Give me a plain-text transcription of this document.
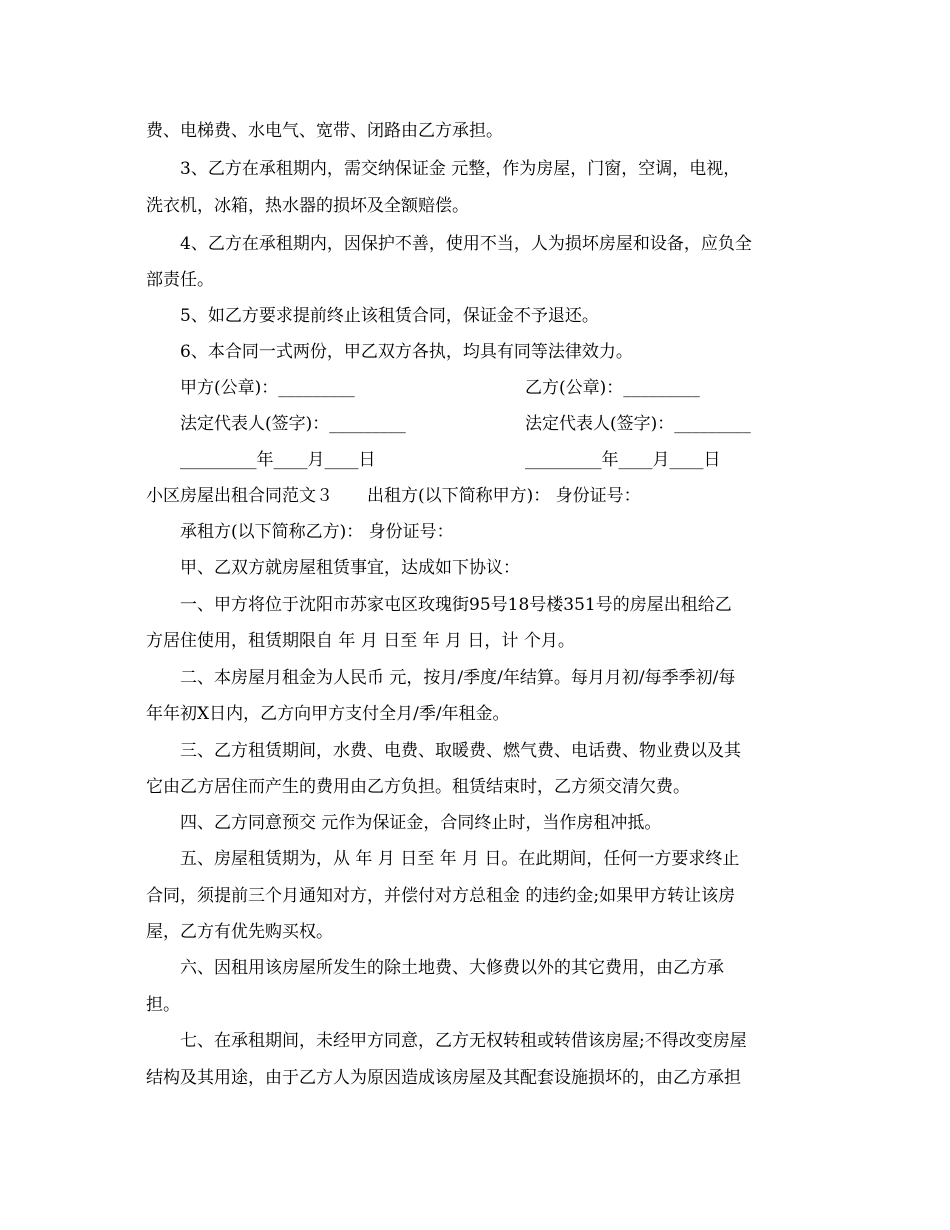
费、电梯费、水电气、宽带、闭路由乙方承担。
3、乙方在承租期内，需交纳保证金 元整，作为房屋，门窗，空调，电视，
洗衣机，冰箱，热水器的损坏及全额赔偿。
4、乙方在承租期内，因保护不善，使用不当，人为损坏房屋和设备，应负全
部责任。
5、如乙方要求提前终止该租赁合同，保证金不予退还。
6、本合同一式两份，甲乙双方各执，均具有同等法律效力。
甲方(公章)：_________	乙方(公章)：_________
法定代表人(签字)：_________	法定代表人(签字)：_________
_________年____月____日	_________年____月____日
小区房屋出租合同范文３　　出租方(以下简称甲方)： 身份证号：
承租方(以下简称乙方)： 身份证号：
甲、乙双方就房屋租赁事宜，达成如下协议：
一、甲方将位于沈阳市苏家屯区玫瑰街95号18号楼351号的房屋出租给乙
方居住使用，租赁期限自 年 月 日至 年 月 日，计 个月。
二、本房屋月租金为人民币 元，按月/季度/年结算。每月月初/每季季初/每
年年初X日内，乙方向甲方支付全月/季/年租金。
三、乙方租赁期间，水费、电费、取暖费、燃气费、电话费、物业费以及其
它由乙方居住而产生的费用由乙方负担。租赁结束时，乙方须交清欠费。
四、乙方同意预交 元作为保证金，合同终止时，当作房租冲抵。
五、房屋租赁期为，从 年 月 日至 年 月 日。在此期间，任何一方要求终止
合同，须提前三个月通知对方，并偿付对方总租金 的违约金;如果甲方转让该房
屋，乙方有优先购买权。
六、因租用该房屋所发生的除土地费、大修费以外的其它费用，由乙方承
担。
七、在承租期间，未经甲方同意，乙方无权转租或转借该房屋;不得改变房屋
结构及其用途，由于乙方人为原因造成该房屋及其配套设施损坏的，由乙方承担
